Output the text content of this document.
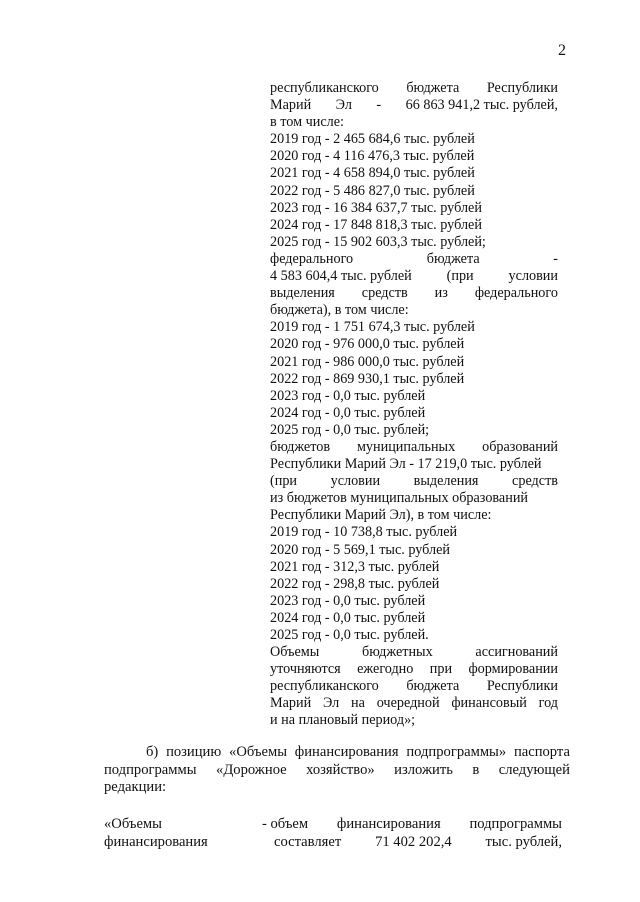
2
республиканского бюджета Республики
Марий Эл - 66 863 941,2 тыс. рублей,
в том числе:
2019 год - 2 465 684,6 тыс. рублей
2020 год - 4 116 476,3 тыс. рублей
2021 год - 4 658 894,0 тыс. рублей
2022 год - 5 486 827,0 тыс. рублей
2023 год - 16 384 637,7 тыс. рублей
2024 год - 17 848 818,3 тыс. рублей
2025 год - 15 902 603,3 тыс. рублей;
федерального	бюджета	-
4 583 604,4 тыс. рублей (при условии
выделения средств из федерального
бюджета), в том числе:
2019 год - 1 751 674,3 тыс. рублей
2020 год - 976 000,0 тыс. рублей
2021 год - 986 000,0 тыс. рублей
2022 год - 869 930,1 тыс. рублей
2023 год - 0,0 тыс. рублей
2024 год - 0,0 тыс. рублей
2025 год - 0,0 тыс. рублей;
бюджетов муниципальных образований
Республики Марий Эл - 17 219,0 тыс. рублей
(при условии выделения средств
из бюджетов муниципальных образований
Республики Марий Эл), в том числе:
2019 год - 10 738,8 тыс. рублей
2020 год - 5 569,1 тыс. рублей
2021 год - 312,3 тыс. рублей
2022 год - 298,8 тыс. рублей
2023 год - 0,0 тыс. рублей
2024 год - 0,0 тыс. рублей
2025 год - 0,0 тыс. рублей.
Объемы	бюджетных	ассигнований
уточняются ежегодно при формировании
республиканского бюджета Республики
Марий Эл на очередной финансовый год
и на плановый период»;
б) позицию «Объемы финансирования подпрограммы» паспорта
подпрограммы «Дорожное хозяйство» изложить в следующей
редакции:
«Объемы
финансирования
- объем финансирования подпрограммы
составляет 71 402 202,4 тыс. рублей,
